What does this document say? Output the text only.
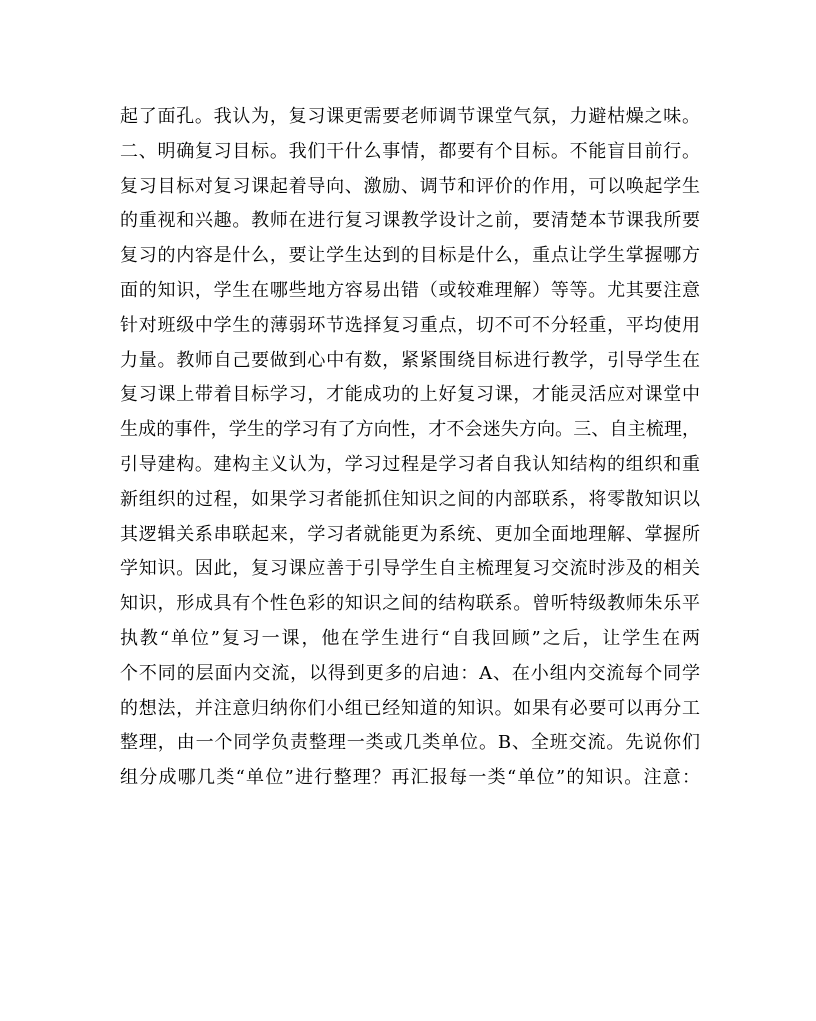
起了面孔。我认为，复习课更需要老师调节课堂气氛，力避枯燥之味。
二、明确复习目标。我们干什么事情，都要有个目标。不能盲目前行。
复习目标对复习课起着导向、激励、调节和评价的作用，可以唤起学生
的重视和兴趣。教师在进行复习课教学设计之前，要清楚本节课我所要
复习的内容是什么，要让学生达到的目标是什么，重点让学生掌握哪方
面的知识，学生在哪些地方容易出错（或较难理解）等等。尤其要注意
针对班级中学生的薄弱环节选择复习重点，切不可不分轻重，平均使用
力量。教师自己要做到心中有数，紧紧围绕目标进行教学，引导学生在
复习课上带着目标学习，才能成功的上好复习课，才能灵活应对课堂中
生成的事件，学生的学习有了方向性，才不会迷失方向。三、自主梳理，
引导建构。建构主义认为，学习过程是学习者自我认知结构的组织和重
新组织的过程，如果学习者能抓住知识之间的内部联系，将零散知识以
其逻辑关系串联起来，学习者就能更为系统、更加全面地理解、掌握所
学知识。因此，复习课应善于引导学生自主梳理复习交流时涉及的相关
知识，形成具有个性色彩的知识之间的结构联系。曾听特级教师朱乐平
执教“单位”复习一课，他在学生进行“自我回顾”之后，让学生在两
个不同的层面内交流，以得到更多的启迪：A、在小组内交流每个同学
的想法，并注意归纳你们小组已经知道的知识。如果有必要可以再分工
整理，由一个同学负责整理一类或几类单位。B、全班交流。先说你们
组分成哪几类“单位”进行整理？再汇报每一类“单位”的知识。注意：
